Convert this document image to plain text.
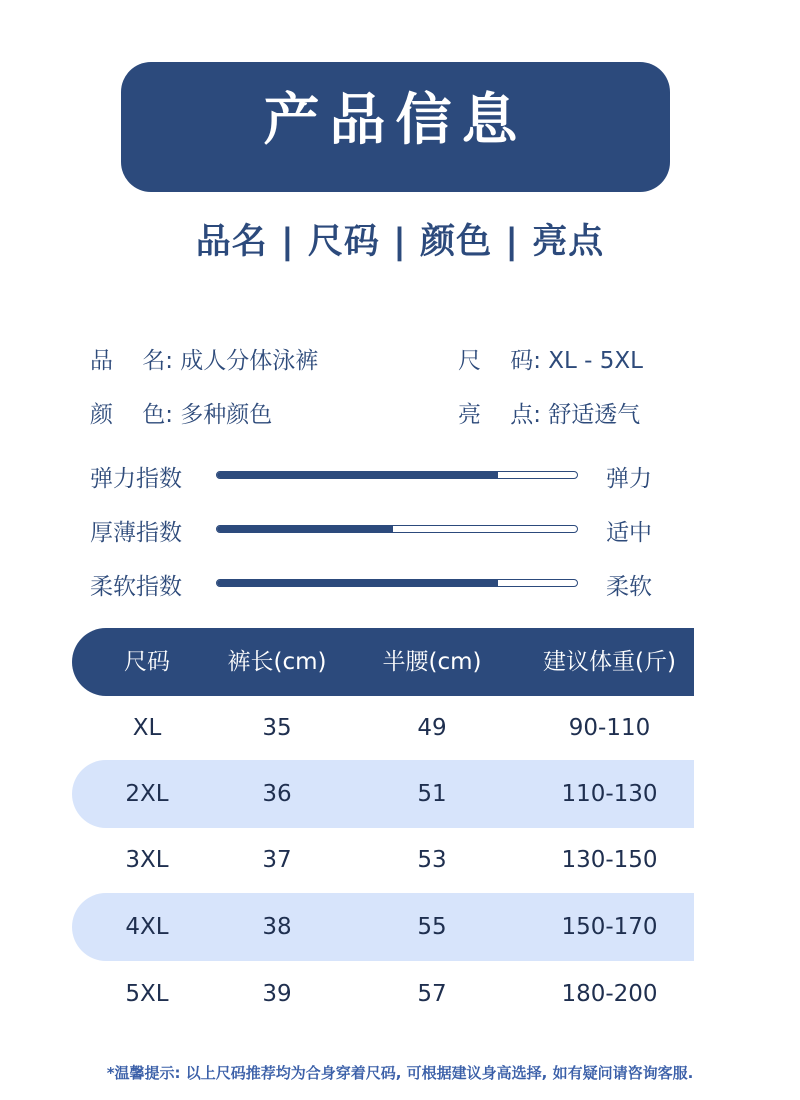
产品信息
PRODUCT INFORMATION
品名 | 尺码 | 颜色 | 亮点
品    名: 成人分体泳裤	尺    码: XL - 5XL
颜    色: 多种颜色	亮    点: 舒适透气
弹力指数	弹力
厚薄指数	适中
柔软指数	柔软
尺码	裤长(cm)	半腰(cm)	建议体重(斤)
XL	35	49	90-110
2XL	36	51	110-130
3XL	37	53	130-150
4XL	38	55	150-170
5XL	39	57	180-200
*温馨提示: 以上尺码推荐均为合身穿着尺码, 可根据建议身高选择, 如有疑问请咨询客服.
